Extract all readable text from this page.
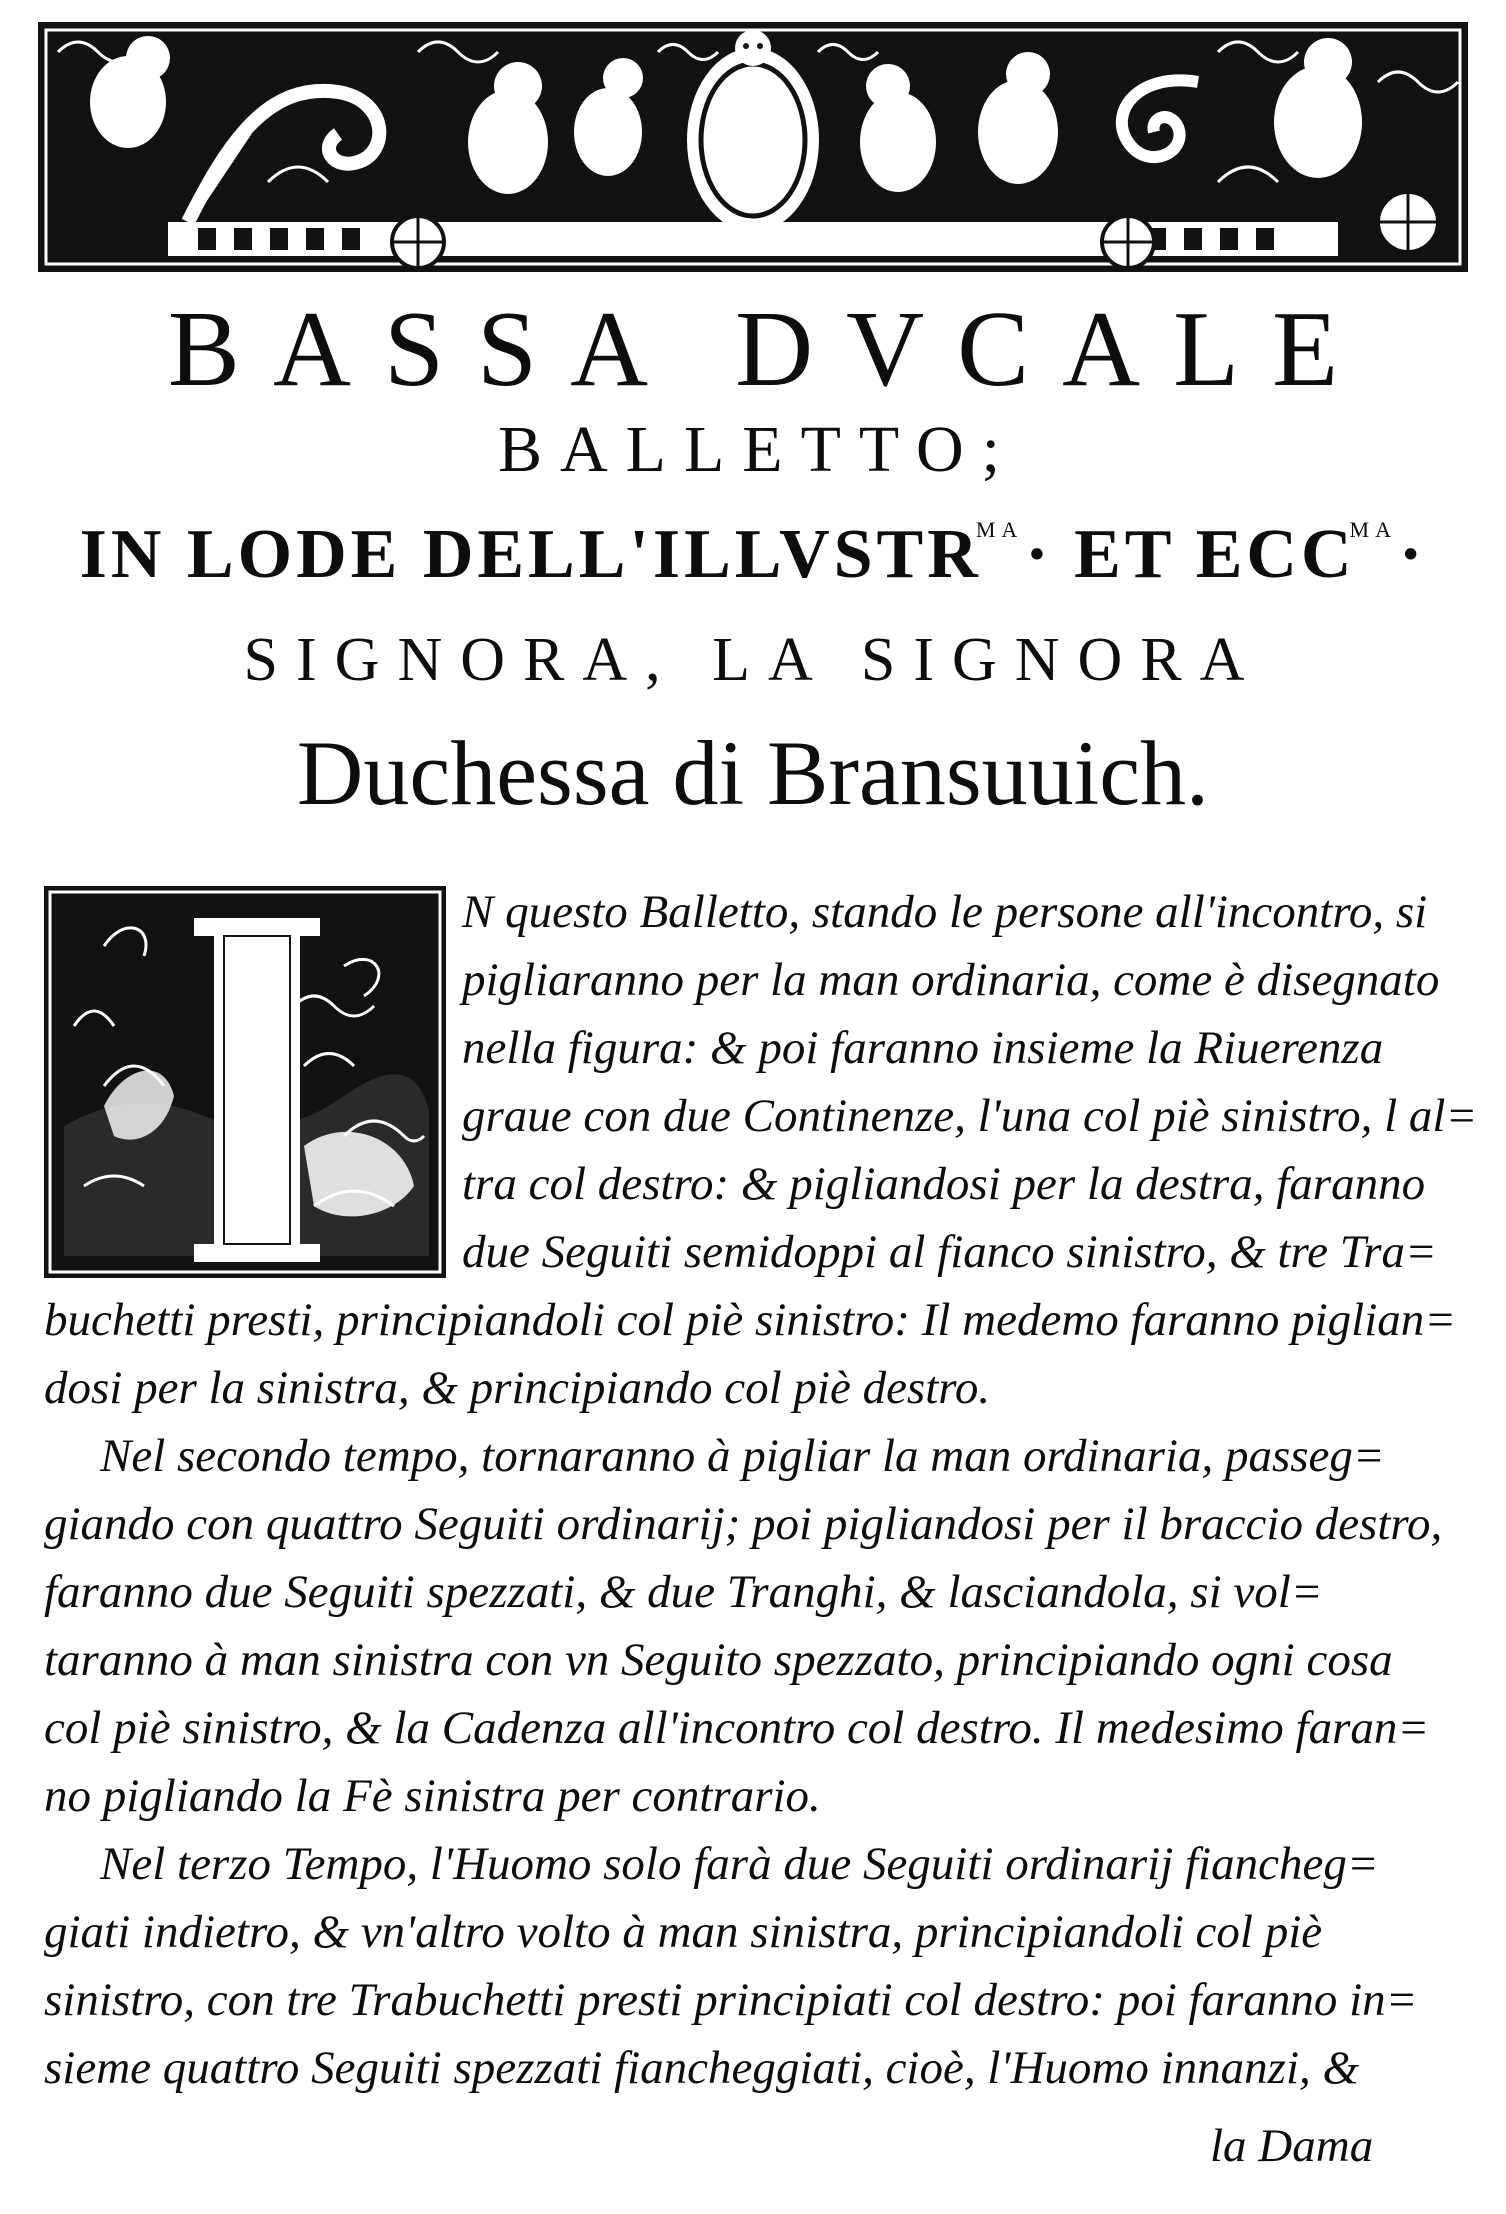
BASSA DVCALE
BALLETTO;
IN LODE $DELL'ILLVSTR^{MA}\cdot$ ET $ECC^{MA}\cdot$
SIGNORA, LA SIGNORA
Duchessa di Bransuuich.
N questo Balletto, stando le persone all'incontro, si
pigliaranno per la man ordinaria, come è disegnato
nella figura: & poi faranno insieme la Riuerenza
graue con due Continenze, l'una col piè sinistro, l al=
tra col destro: & pigliandosi per la destra, faranno
due Seguiti semidoppi al fianco sinistro, & tre Tra=
buchetti presti, principiandoli col piè sinistro: Il medemo faranno piglian=
dosi per la sinistra, & principiando col piè destro.
Nel secondo tempo, tornaranno à pigliar la man ordinaria, passeg=
giando con quattro Seguiti ordinarij; poi pigliandosi per il braccio destro,
faranno due Seguiti spezzati, & due Tranghi, & lasciandola, si vol=
taranno à man sinistra con vn Seguito spezzato, principiando ogni cosa
col piè sinistro, & la Cadenza all'incontro col destro. Il medesimo faran=
no pigliando la Fè sinistra per contrario.
Nel terzo Tempo, l'Huomo solo farà due Seguiti ordinarij fiancheg=
giati indietro, & vn'altro volto à man sinistra, principiandoli col piè
sinistro, con tre Trabuchetti presti principiati col destro: poi faranno in=
sieme quattro Seguiti spezzati fiancheggiati, cioè, l'Huomo innanzi, &
la Dama
